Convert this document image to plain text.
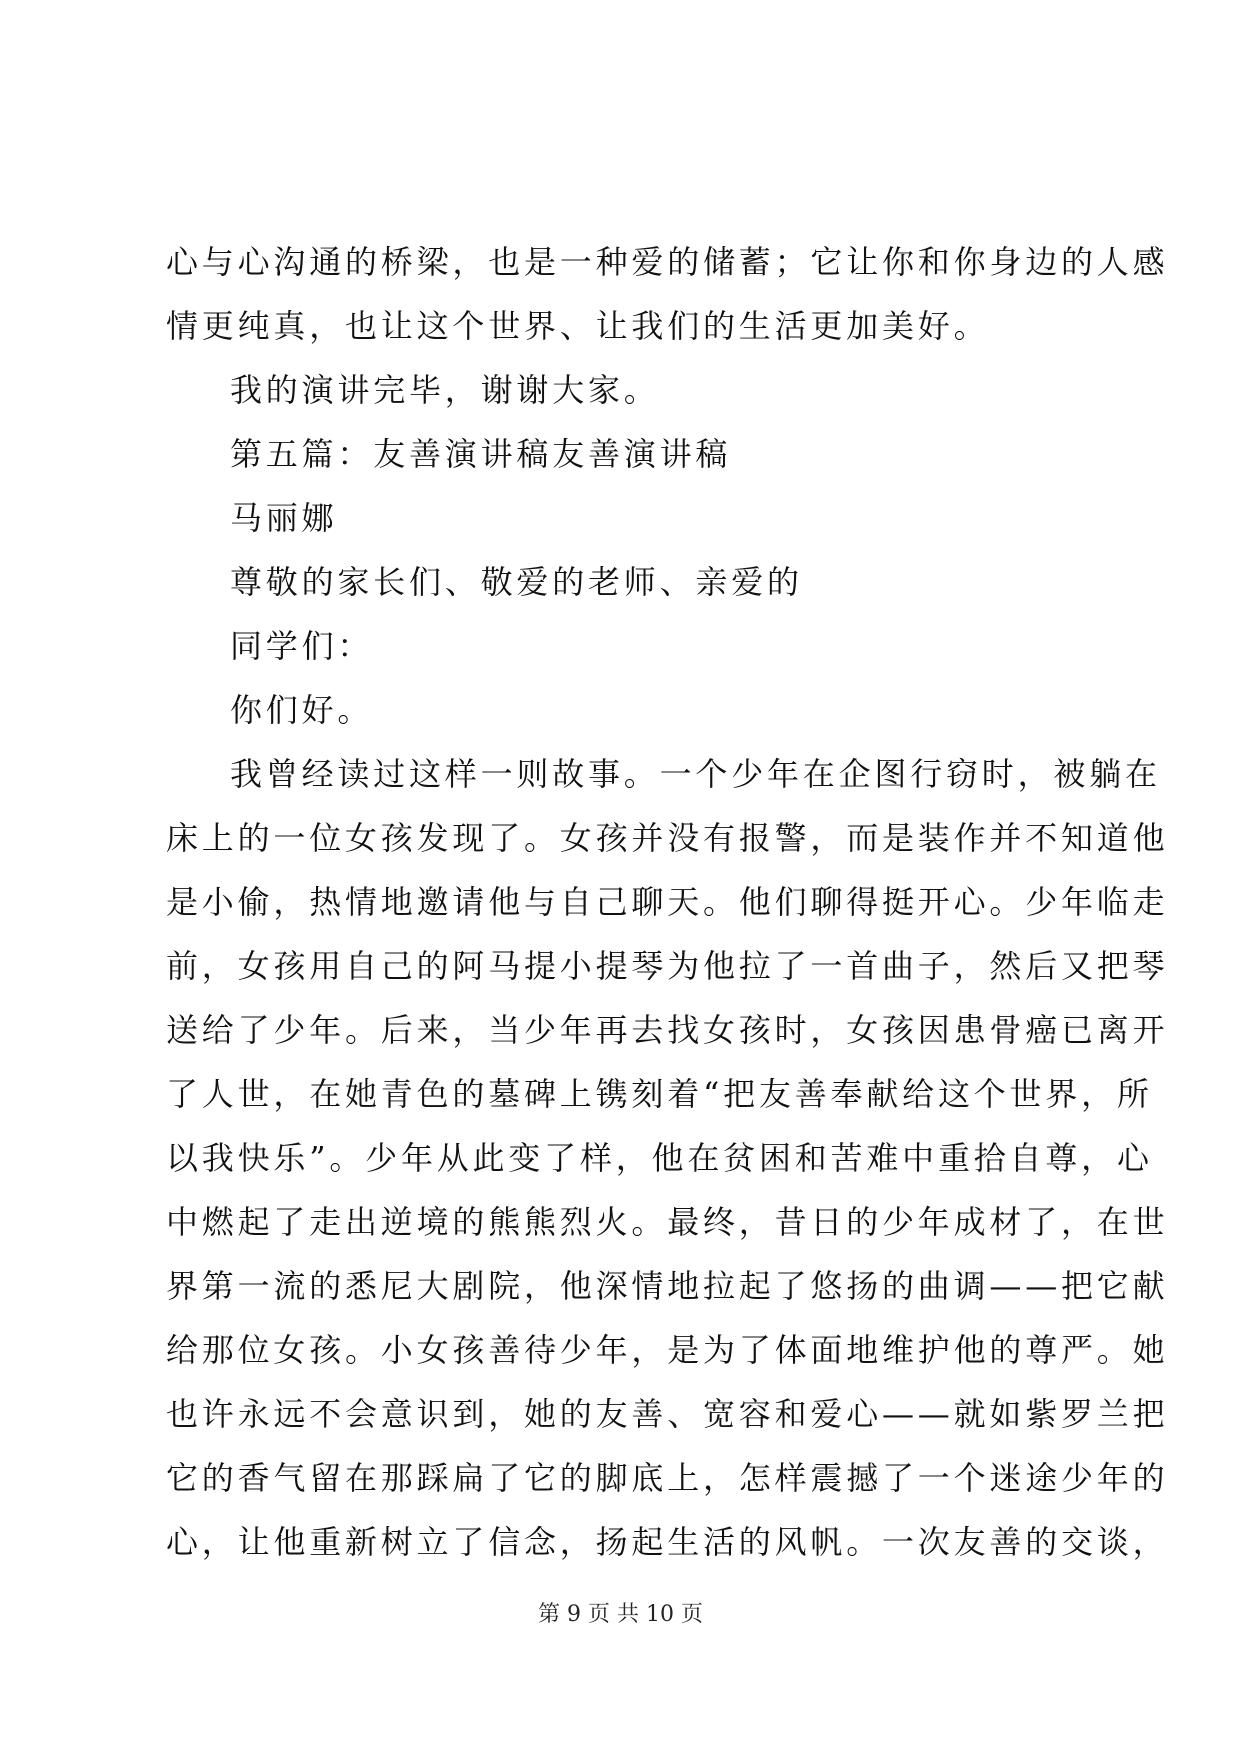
心与心沟通的桥梁，也是一种爱的储蓄；它让你和你身边的人感
情更纯真，也让这个世界、让我们的生活更加美好。
我的演讲完毕，谢谢大家。
第五篇：友善演讲稿友善演讲稿
马丽娜
尊敬的家长们、敬爱的老师、亲爱的
同学们：
你们好。
我曾经读过这样一则故事。一个少年在企图行窃时，被躺在
床上的一位女孩发现了。女孩并没有报警，而是装作并不知道他
是小偷，热情地邀请他与自己聊天。他们聊得挺开心。少年临走
前，女孩用自己的阿马提小提琴为他拉了一首曲子，然后又把琴
送给了少年。后来，当少年再去找女孩时，女孩因患骨癌已离开
了人世，在她青色的墓碑上镌刻着“把友善奉献给这个世界，所
以我快乐”。少年从此变了样，他在贫困和苦难中重拾自尊，心
中燃起了走出逆境的熊熊烈火。最终，昔日的少年成材了，在世
界第一流的悉尼大剧院，他深情地拉起了悠扬的曲调——把它献
给那位女孩。小女孩善待少年，是为了体面地维护他的尊严。她
也许永远不会意识到，她的友善、宽容和爱心——就如紫罗兰把
它的香气留在那踩扁了它的脚底上，怎样震撼了一个迷途少年的
心，让他重新树立了信念，扬起生活的风帆。一次友善的交谈，
第 9 页 共 10 页
